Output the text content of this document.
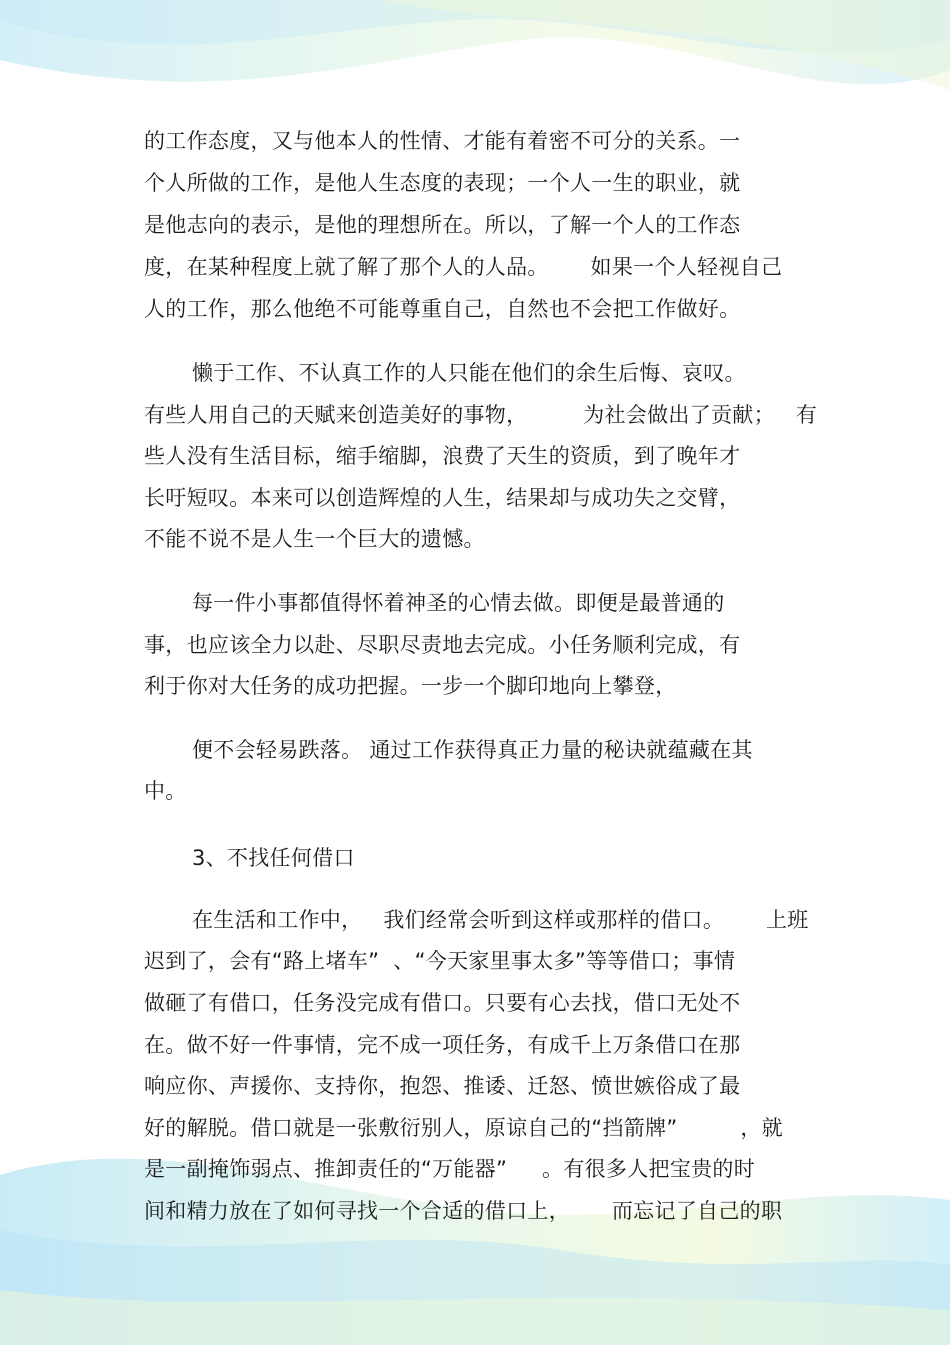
的工作态度，又与他本人的性情、才能有着密不可分的关系。一
个人所做的工作，是他人生态度的表现；一个人一生的职业，就
是他志向的表示，是他的理想所在。所以，了解一个人的工作态
度，在某种程度上就了解了那个人的人品。      如果一个人轻视自己
人的工作，那么他绝不可能尊重自己，自然也不会把工作做好。
懒于工作、不认真工作的人只能在他们的余生后悔、哀叹。
有些人用自己的天赋来创造美好的事物，        为社会做出了贡献；   有
些人没有生活目标，缩手缩脚，浪费了天生的资质，到了晚年才
长吁短叹。本来可以创造辉煌的人生，结果却与成功失之交臂，
不能不说不是人生一个巨大的遗憾。
每一件小事都值得怀着神圣的心情去做。即便是最普通的
事，也应该全力以赴、尽职尽责地去完成。小任务顺利完成，有
利于你对大任务的成功把握。一步一个脚印地向上攀登，
便不会轻易跌落。 通过工作获得真正力量的秘诀就蕴藏在其
中。
3、不找任何借口
在生活和工作中，   我们经常会听到这样或那样的借口。      上班
迟到了，会有“路上堵车”  、“今天家里事太多”等等借口；事情
做砸了有借口，任务没完成有借口。只要有心去找，借口无处不
在。做不好一件事情，完不成一项任务，有成千上万条借口在那
响应你、声援你、支持你，抱怨、推诿、迁怒、愤世嫉俗成了最
好的解脱。借口就是一张敷衍别人，原谅自己的“挡箭牌”         ，就
是一副掩饰弱点、推卸责任的“万能器”     。有很多人把宝贵的时
间和精力放在了如何寻找一个合适的借口上，      而忘记了自己的职
